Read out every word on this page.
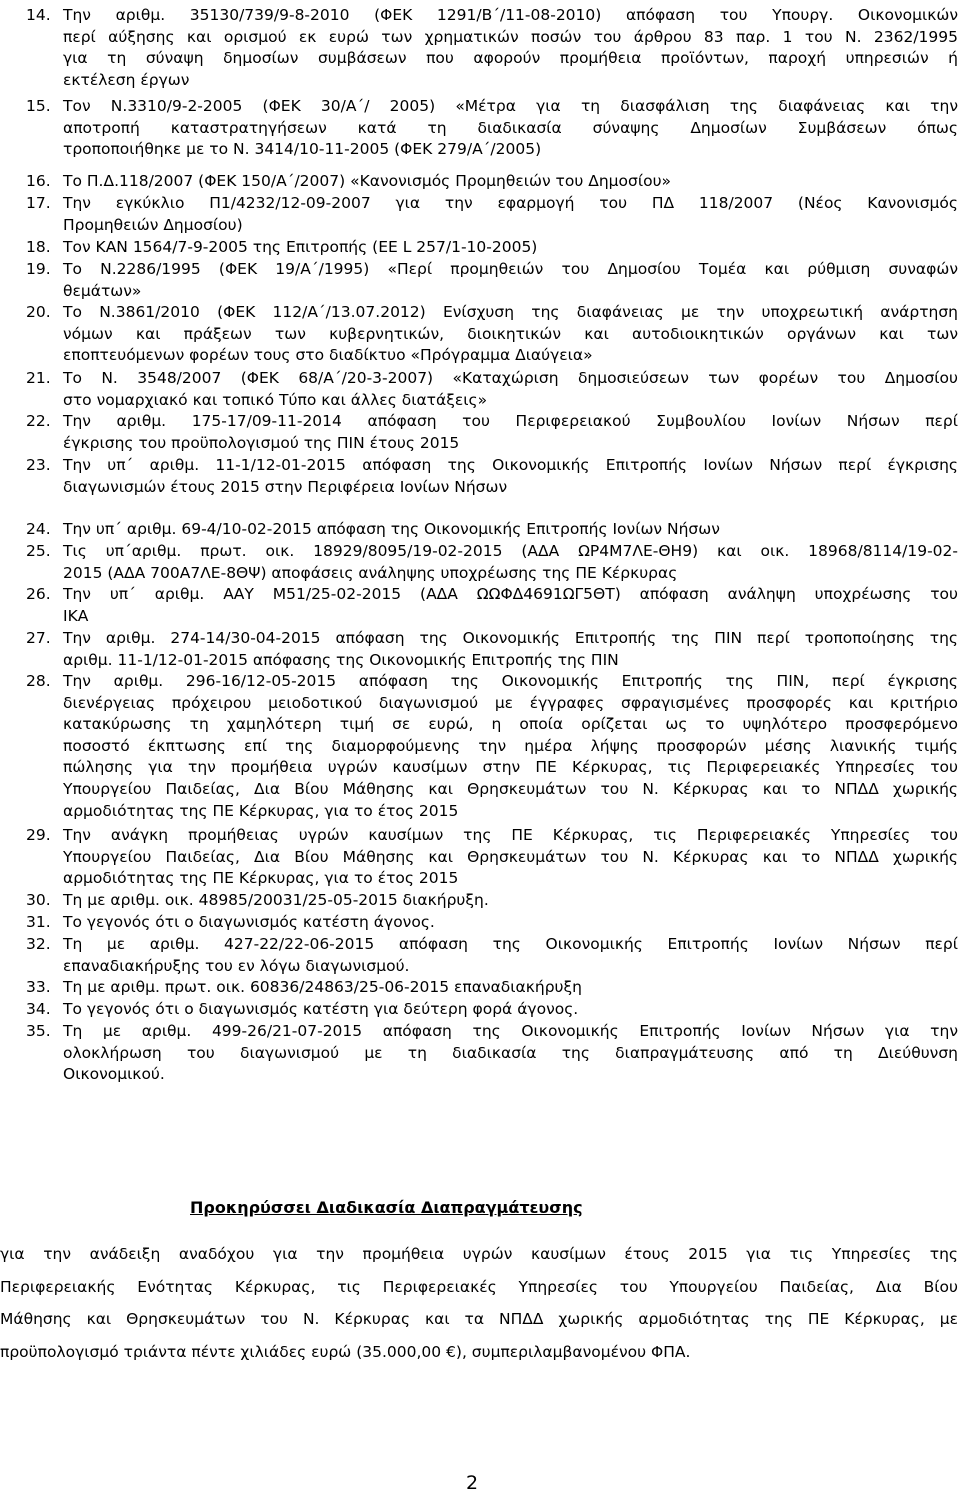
14. Την αριθμ. 35130/739/9-8-2010 (ΦΕΚ 1291/Β΄/11-08-2010) απόφαση του Υπουργ. Οικονομικών
περί αύξησης και ορισμού εκ ευρώ των χρηματικών ποσών του άρθρου 83 παρ. 1 του Ν. 2362/1995
για τη σύναψη δημοσίων συμβάσεων που αφορούν προμήθεια προϊόντων, παροχή υπηρεσιών ή
εκτέλεση έργων
15. Τον Ν.3310/9-2-2005 (ΦΕΚ 30/Α΄/ 2005) «Μέτρα για τη διασφάλιση της διαφάνειας και την
αποτροπή καταστρατηγήσεων κατά τη διαδικασία σύναψης Δημοσίων Συμβάσεων όπως
τροποποιήθηκε με το Ν. 3414/10-11-2005 (ΦΕΚ 279/Α΄/2005)
16. Το Π.Δ.118/2007 (ΦΕΚ 150/Α΄/2007) «Κανονισμός Προμηθειών του Δημοσίου»
17. Την εγκύκλιο Π1/4232/12-09-2007 για την εφαρμογή του ΠΔ 118/2007 (Νέος Κανονισμός
Προμηθειών Δημοσίου)
18. Τον ΚΑΝ 1564/7-9-2005 της Επιτροπής (ΕΕ L 257/1-10-2005)
19. Το Ν.2286/1995 (ΦΕΚ 19/Α΄/1995) «Περί προμηθειών του Δημοσίου Τομέα και ρύθμιση συναφών
θεμάτων»
20. Το Ν.3861/2010 (ΦΕΚ 112/Α΄/13.07.2012) Ενίσχυση της διαφάνειας με την υποχρεωτική ανάρτηση
νόμων και πράξεων των κυβερνητικών, διοικητικών και αυτοδιοικητικών οργάνων και των
εποπτευόμενων φορέων τους στο διαδίκτυο «Πρόγραμμα Διαύγεια»
21. Το Ν. 3548/2007 (ΦΕΚ 68/Α΄/20-3-2007) «Καταχώριση δημοσιεύσεων των φορέων του Δημοσίου
στο νομαρχιακό και τοπικό Τύπο και άλλες διατάξεις»
22. Την αριθμ. 175-17/09-11-2014 απόφαση του Περιφερειακού Συμβουλίου Ιονίων Νήσων περί
έγκρισης του προϋπολογισμού της ΠΙΝ έτους 2015
23. Την υπ΄ αριθμ. 11-1/12-01-2015 απόφαση της Οικονομικής Επιτροπής Ιονίων Νήσων περί έγκρισης
διαγωνισμών έτους 2015 στην Περιφέρεια Ιονίων Νήσων
24. Την υπ΄ αριθμ. 69-4/10-02-2015 απόφαση της Οικονομικής Επιτροπής Ιονίων Νήσων
25. Τις υπ΄αριθμ. πρωτ. οικ. 18929/8095/19-02-2015 (ΑΔΑ ΩΡ4Μ7ΛΕ-ΘΗ9) και οικ. 18968/8114/19-02-
2015 (ΑΔΑ 700Α7ΛΕ-8ΘΨ) αποφάσεις ανάληψης υποχρέωσης της ΠΕ Κέρκυρας
26. Την υπ΄ αριθμ. ΑΑΥ Μ51/25-02-2015 (ΑΔΑ ΩΩΦΔ4691ΩΓ5ΘΤ) απόφαση ανάληψη υποχρέωσης του
ΙΚΑ
27. Την αριθμ. 274-14/30-04-2015 απόφαση της Οικονομικής Επιτροπής της ΠΙΝ περί τροποποίησης της
αριθμ. 11-1/12-01-2015 απόφασης της Οικονομικής Επιτροπής της ΠΙΝ
28. Την αριθμ. 296-16/12-05-2015 απόφαση της Οικονομικής Επιτροπής της ΠΙΝ, περί έγκρισης
διενέργειας πρόχειρου μειοδοτικού διαγωνισμού με έγγραφες σφραγισμένες προσφορές και κριτήριο
κατακύρωσης τη χαμηλότερη τιμή σε ευρώ, η οποία ορίζεται ως το υψηλότερο προσφερόμενο
ποσοστό έκπτωσης επί της διαμορφούμενης την ημέρα λήψης προσφορών μέσης λιανικής τιμής
πώλησης για την προμήθεια υγρών καυσίμων στην ΠΕ Κέρκυρας, τις Περιφερειακές Υπηρεσίες του
Υπουργείου Παιδείας, Δια Βίου Μάθησης και Θρησκευμάτων του Ν. Κέρκυρας και το ΝΠΔΔ χωρικής
αρμοδιότητας της ΠΕ Κέρκυρας, για το έτος 2015
29. Την ανάγκη προμήθειας υγρών καυσίμων της ΠΕ Κέρκυρας, τις Περιφερειακές Υπηρεσίες του
Υπουργείου Παιδείας, Δια Βίου Μάθησης και Θρησκευμάτων του Ν. Κέρκυρας και το ΝΠΔΔ χωρικής
αρμοδιότητας της ΠΕ Κέρκυρας, για το έτος 2015
30. Τη με αριθμ. οικ. 48985/20031/25-05-2015 διακήρυξη.
31. Το γεγονός ότι ο διαγωνισμός κατέστη άγονος.
32. Τη με αριθμ. 427-22/22-06-2015 απόφαση της Οικονομικής Επιτροπής Ιονίων Νήσων περί
επαναδιακήρυξης του εν λόγω διαγωνισμού.
33. Τη με αριθμ. πρωτ. οικ. 60836/24863/25-06-2015 επαναδιακήρυξη
34. Το γεγονός ότι ο διαγωνισμός κατέστη για δεύτερη φορά άγονος.
35. Τη με αριθμ. 499-26/21-07-2015 απόφαση της Οικονομικής Επιτροπής Ιονίων Νήσων για την
ολοκλήρωση του διαγωνισμού με τη διαδικασία της διαπραγμάτευσης από τη Διεύθυνση
Οικονομικού.
Προκηρύσσει Διαδικασία Διαπραγμάτευσης
για την ανάδειξη αναδόχου για την προμήθεια υγρών καυσίμων έτους 2015 για τις Υπηρεσίες της
Περιφερειακής Ενότητας Κέρκυρας, τις Περιφερειακές Υπηρεσίες του Υπουργείου Παιδείας, Δια Βίου
Μάθησης και Θρησκευμάτων του Ν. Κέρκυρας και τα ΝΠΔΔ χωρικής αρμοδιότητας της ΠΕ Κέρκυρας, με
προϋπολογισμό τριάντα πέντε χιλιάδες ευρώ (35.000,00 €), συμπεριλαμβανομένου ΦΠΑ.
2
